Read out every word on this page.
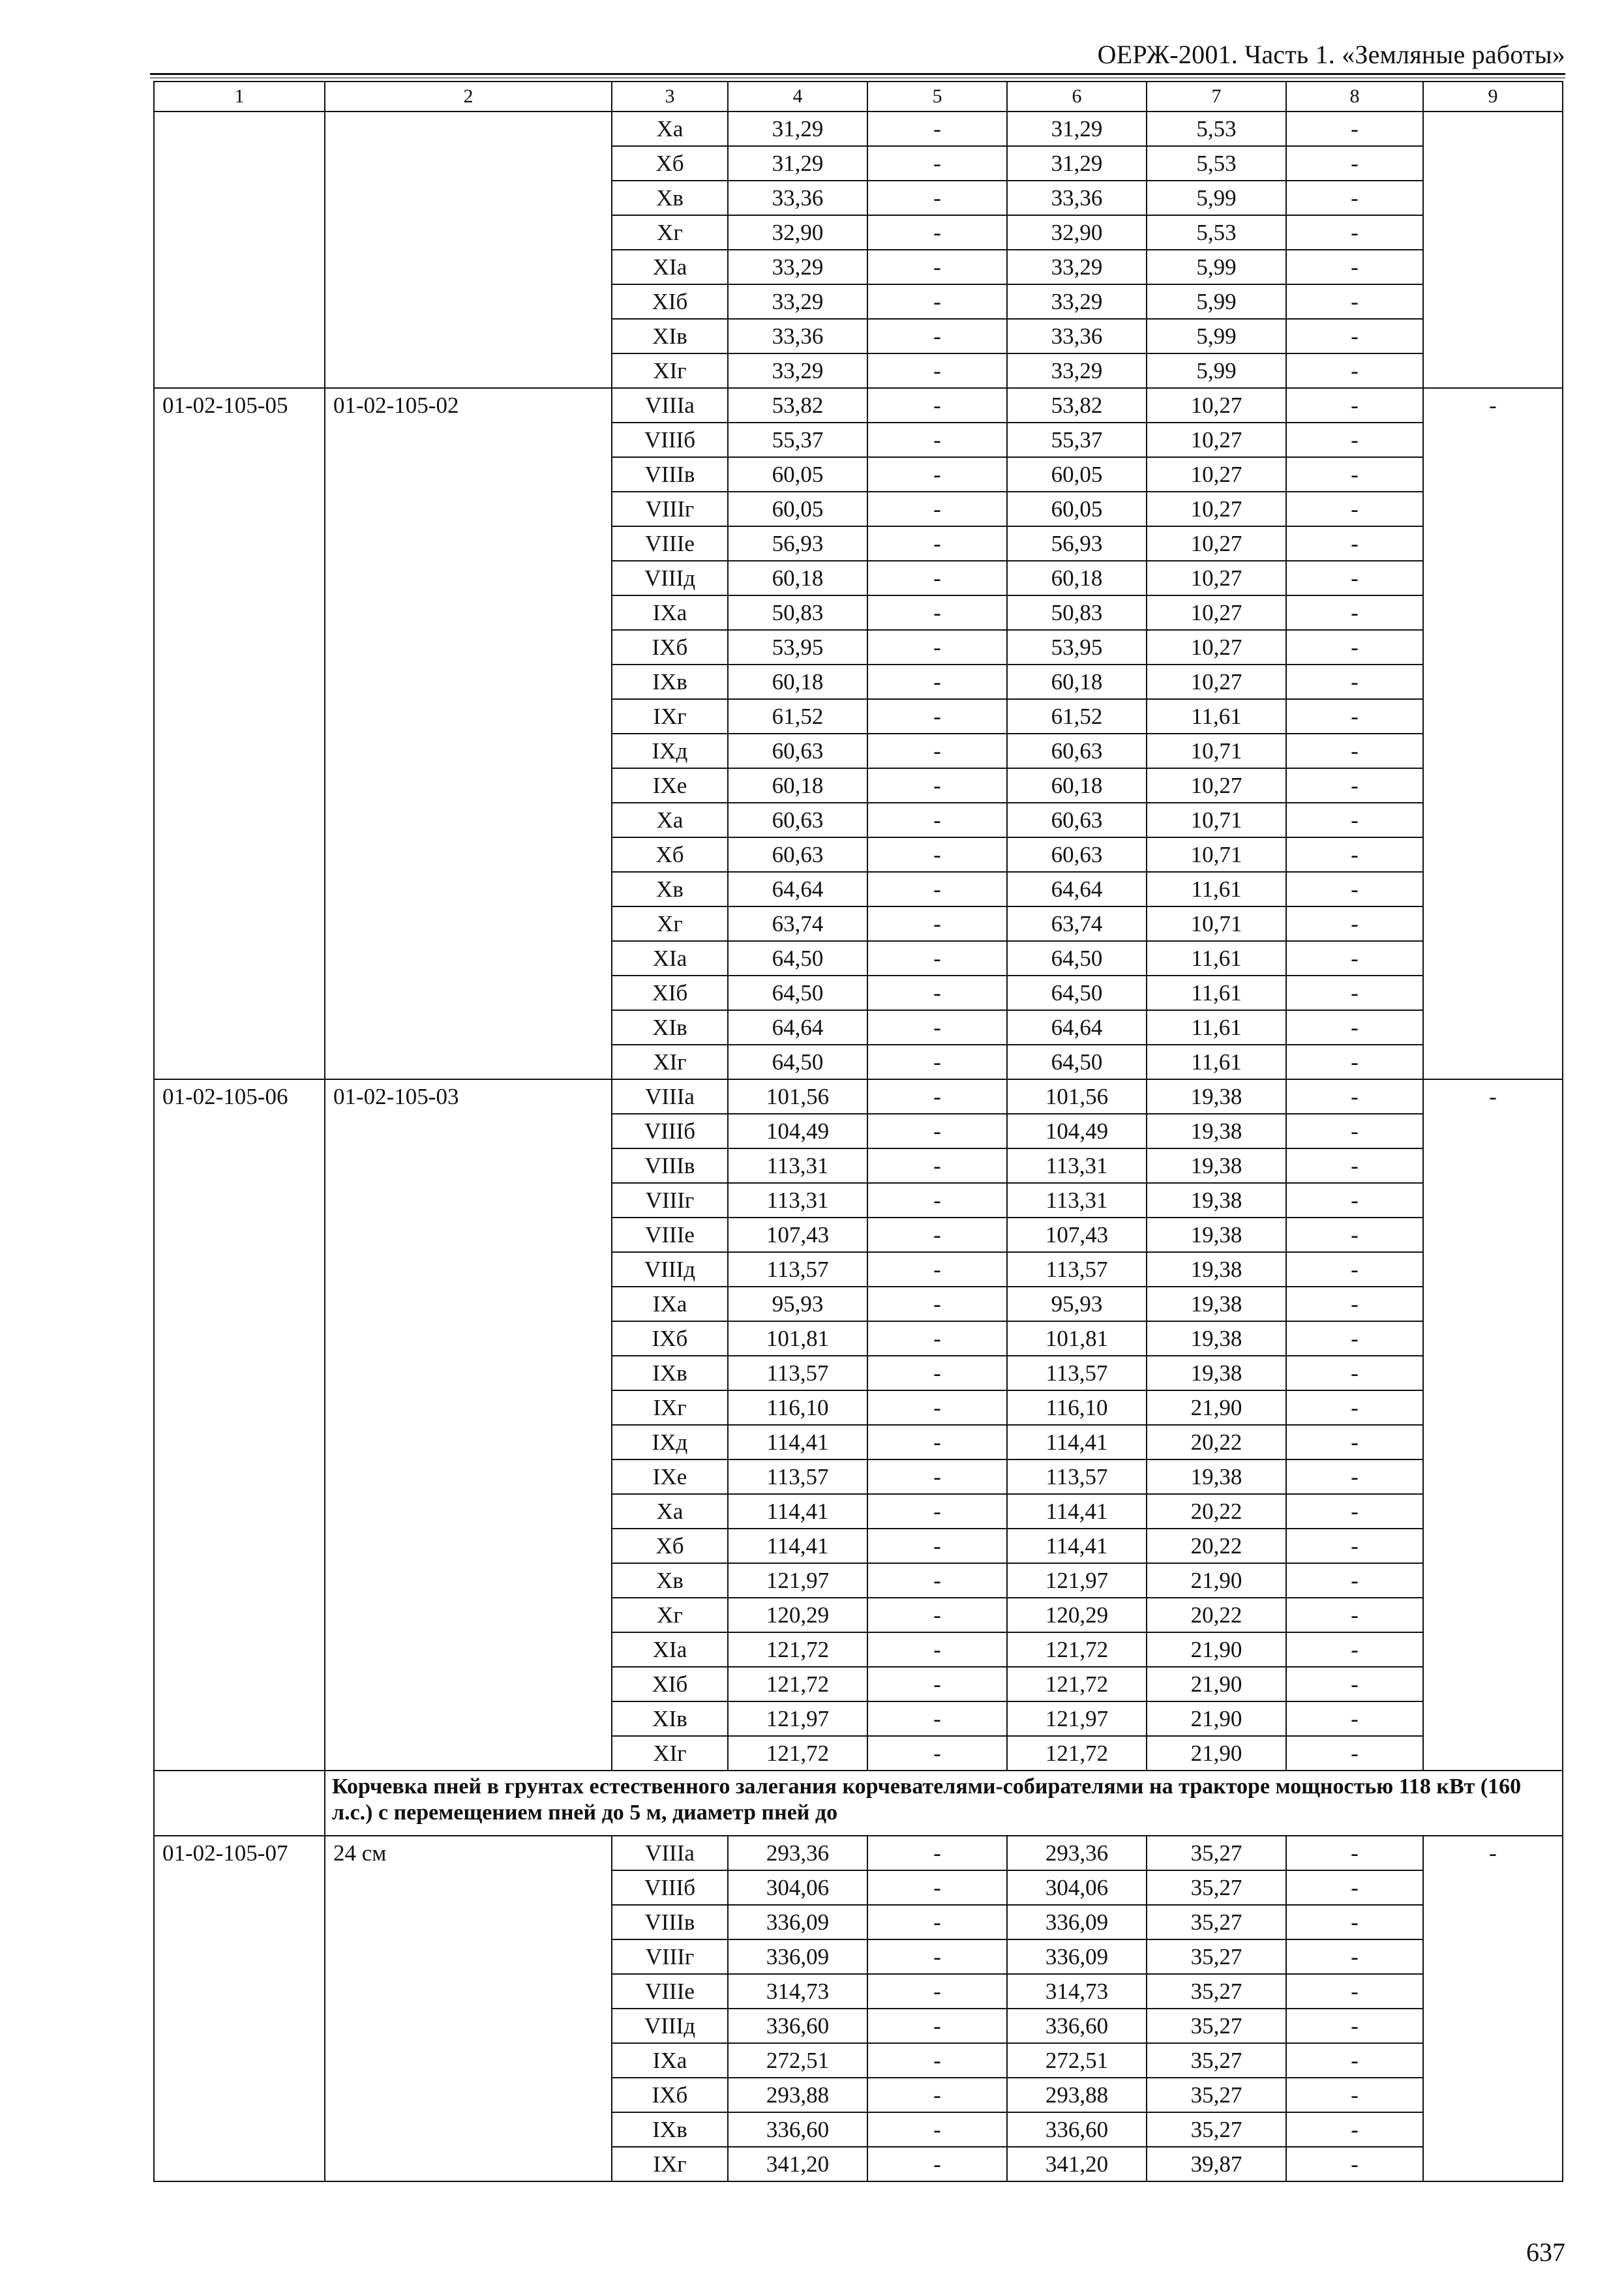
ОЕРЖ-2001. Часть 1. «Земляные работы»
1	2	3	4	5	6	7	8	9
		Xа	31,29	-	31,29	5,53	-	
		Xб	31,29	-	31,29	5,53	-	
		Xв	33,36	-	33,36	5,99	-	
		Xг	32,90	-	32,90	5,53	-	
		XIа	33,29	-	33,29	5,99	-	
		XIб	33,29	-	33,29	5,99	-	
		XIв	33,36	-	33,36	5,99	-	
		XIг	33,29	-	33,29	5,99	-	
01-02-105-05	01-02-105-02	VIIIа	53,82	-	53,82	10,27	-	-
		VIIIб	55,37	-	55,37	10,27	-	
		VIIIв	60,05	-	60,05	10,27	-	
		VIIIг	60,05	-	60,05	10,27	-	
		VIIIе	56,93	-	56,93	10,27	-	
		VIIIд	60,18	-	60,18	10,27	-	
		IXа	50,83	-	50,83	10,27	-	
		IXб	53,95	-	53,95	10,27	-	
		IXв	60,18	-	60,18	10,27	-	
		IXг	61,52	-	61,52	11,61	-	
		IXд	60,63	-	60,63	10,71	-	
		IXе	60,18	-	60,18	10,27	-	
		Xа	60,63	-	60,63	10,71	-	
		Xб	60,63	-	60,63	10,71	-	
		Xв	64,64	-	64,64	11,61	-	
		Xг	63,74	-	63,74	10,71	-	
		XIа	64,50	-	64,50	11,61	-	
		XIб	64,50	-	64,50	11,61	-	
		XIв	64,64	-	64,64	11,61	-	
		XIг	64,50	-	64,50	11,61	-	
01-02-105-06	01-02-105-03	VIIIа	101,56	-	101,56	19,38	-	-
		VIIIб	104,49	-	104,49	19,38	-	
		VIIIв	113,31	-	113,31	19,38	-	
		VIIIг	113,31	-	113,31	19,38	-	
		VIIIе	107,43	-	107,43	19,38	-	
		VIIIд	113,57	-	113,57	19,38	-	
		IXа	95,93	-	95,93	19,38	-	
		IXб	101,81	-	101,81	19,38	-	
		IXв	113,57	-	113,57	19,38	-	
		IXг	116,10	-	116,10	21,90	-	
		IXд	114,41	-	114,41	20,22	-	
		IXе	113,57	-	113,57	19,38	-	
		Xа	114,41	-	114,41	20,22	-	
		Xб	114,41	-	114,41	20,22	-	
		Xв	121,97	-	121,97	21,90	-	
		Xг	120,29	-	120,29	20,22	-	
		XIа	121,72	-	121,72	21,90	-	
		XIб	121,72	-	121,72	21,90	-	
		XIв	121,97	-	121,97	21,90	-	
		XIг	121,72	-	121,72	21,90	-	
	Корчевка пней в грунтах естественного залегания корчевателями-собирателями на тракторе мощностью 118 кВт (160 л.с.) с перемещением пней до 5 м, диаметр пней до							
01-02-105-07	24 см	VIIIа	293,36	-	293,36	35,27	-	-
		VIIIб	304,06	-	304,06	35,27	-	
		VIIIв	336,09	-	336,09	35,27	-	
		VIIIг	336,09	-	336,09	35,27	-	
		VIIIе	314,73	-	314,73	35,27	-	
		VIIIд	336,60	-	336,60	35,27	-	
		IXа	272,51	-	272,51	35,27	-	
		IXб	293,88	-	293,88	35,27	-	
		IXв	336,60	-	336,60	35,27	-	
		IXг	341,20	-	341,20	39,87	-	
637
